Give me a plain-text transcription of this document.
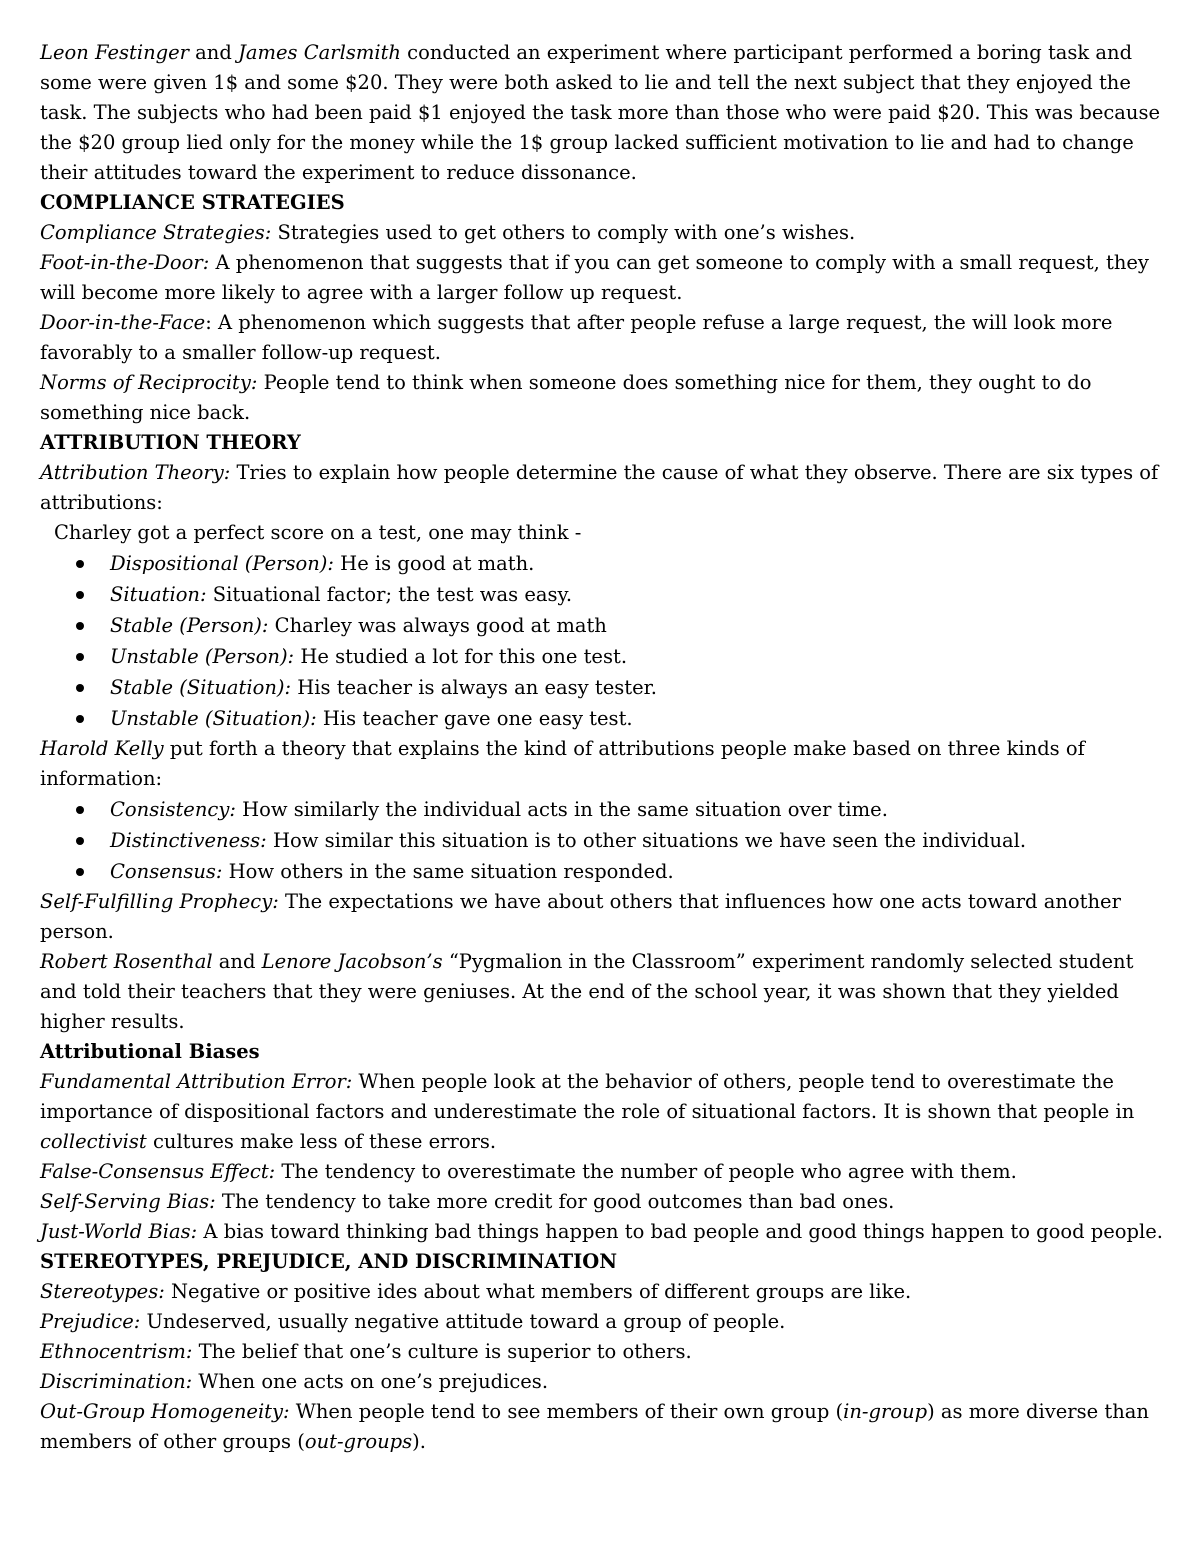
Leon Festinger and James Carlsmith conducted an experiment where participant performed a boring task and some were given 1$ and some $20. They were both asked to lie and tell the next subject that they enjoyed the task. The subjects who had been paid $1 enjoyed the task more than those who were paid $20. This was because the $20 group lied only for the money while the 1$ group lacked sufficient motivation to lie and had to change their attitudes toward the experiment to reduce dissonance.

COMPLIANCE STRATEGIES

Compliance Strategies: Strategies used to get others to comply with one’s wishes.

Foot-in-the-Door: A phenomenon that suggests that if you can get someone to comply with a small request, they will become more likely to agree with a larger follow up request.

Door-in-the-Face: A phenomenon which suggests that after people refuse a large request, the will look more favorably to a smaller follow-up request.

Norms of Reciprocity: People tend to think when someone does something nice for them, they ought to do something nice back.

ATTRIBUTION THEORY

Attribution Theory: Tries to explain how people determine the cause of what they observe. There are six types of attributions:

Charley got a perfect score on a test, one may think -

Dispositional (Person): He is good at math.
Situation: Situational factor; the test was easy.
Stable (Person): Charley was always good at math
Unstable (Person): He studied a lot for this one test.
Stable (Situation): His teacher is always an easy tester.
Unstable (Situation): His teacher gave one easy test.

Harold Kelly put forth a theory that explains the kind of attributions people make based on three kinds of information:

Consistency: How similarly the individual acts in the same situation over time.
Distinctiveness: How similar this situation is to other situations we have seen the individual.
Consensus: How others in the same situation responded.

Self-Fulfilling Prophecy: The expectations we have about others that influences how one acts toward another person.

Robert Rosenthal and Lenore Jacobson’s “Pygmalion in the Classroom” experiment randomly selected student and told their teachers that they were geniuses. At the end of the school year, it was shown that they yielded higher results.

Attributional Biases

Fundamental Attribution Error: When people look at the behavior of others, people tend to overestimate the importance of dispositional factors and underestimate the role of situational factors. It is shown that people in collectivist cultures make less of these errors.

False-Consensus Effect: The tendency to overestimate the number of people who agree with them.

Self-Serving Bias: The tendency to take more credit for good outcomes than bad ones.

Just-World Bias: A bias toward thinking bad things happen to bad people and good things happen to good people.

STEREOTYPES, PREJUDICE, AND DISCRIMINATION

Stereotypes: Negative or positive ides about what members of different groups are like.

Prejudice: Undeserved, usually negative attitude toward a group of people.

Ethnocentrism: The belief that one’s culture is superior to others.

Discrimination: When one acts on one’s prejudices.

Out-Group Homogeneity: When people tend to see members of their own group (in-group) as more diverse than members of other groups (out-groups).
